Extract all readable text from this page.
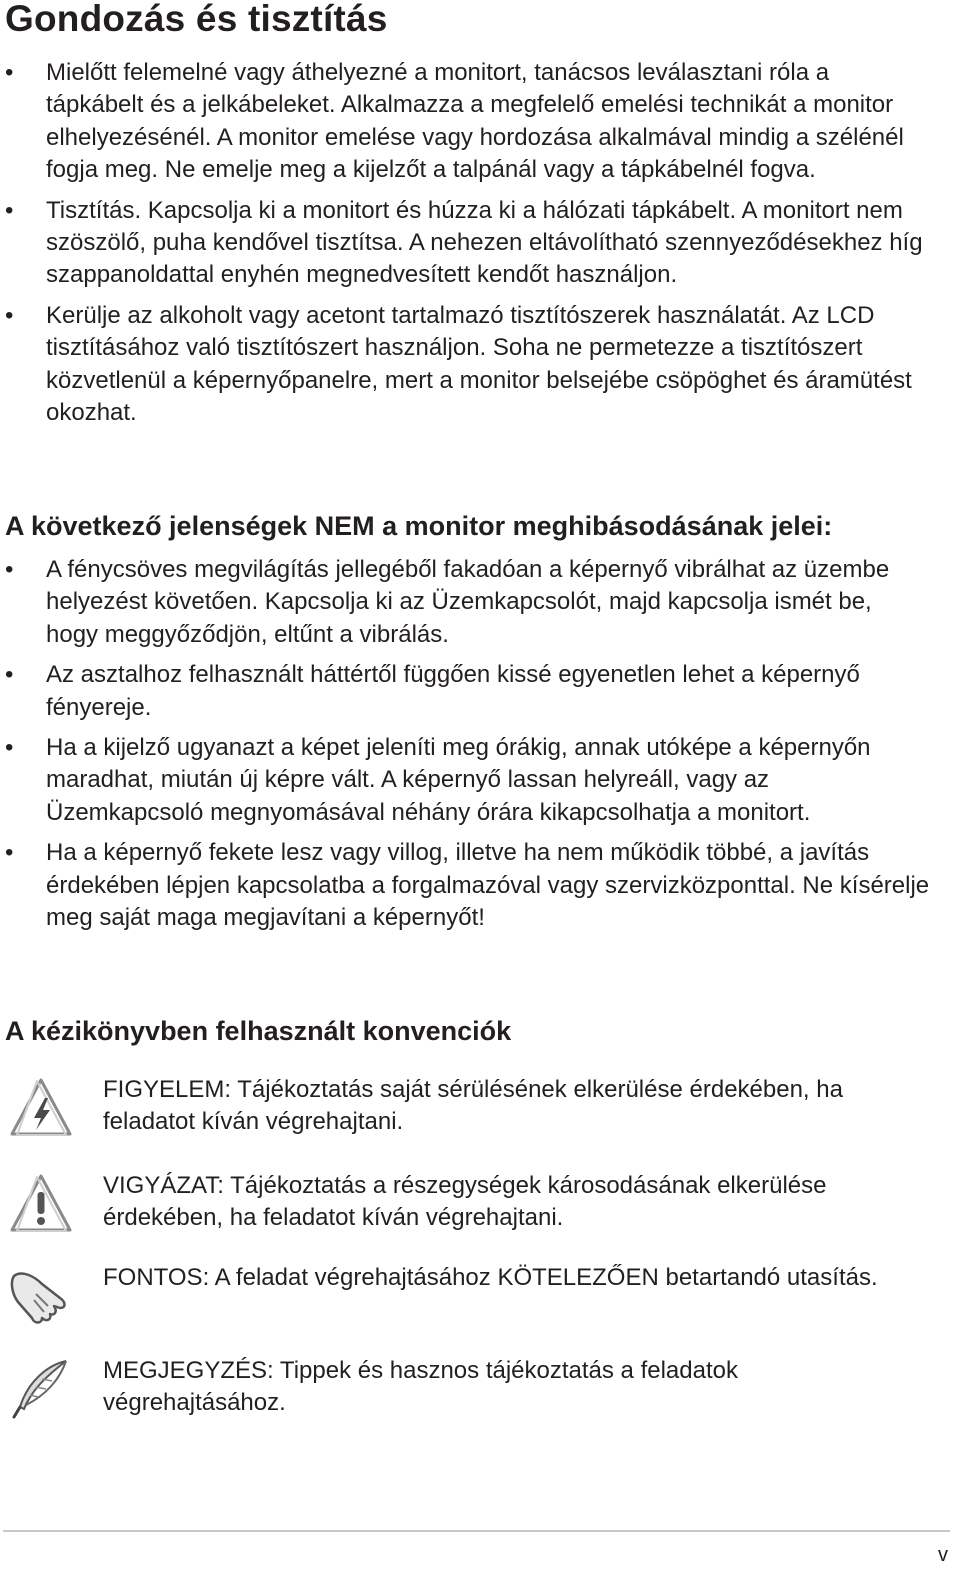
Gondozás és tisztítás
• Mielőtt felemelné vagy áthelyezné a monitort, tanácsos leválasztani róla a tápkábelt és a jelkábeleket. Alkalmazza a megfelelő emelési technikát a monitor elhelyezésénél. A monitor emelése vagy hordozása alkalmával mindig a szélénél fogja meg. Ne emelje meg a kijelzőt a talpánál vagy a tápkábelnél fogva.
• Tisztítás. Kapcsolja ki a monitort és húzza ki a hálózati tápkábelt. A monitort nem szöszölő, puha kendővel tisztítsa. A nehezen eltávolítható szennyeződésekhez híg szappanoldattal enyhén megnedvesített kendőt használjon.
• Kerülje az alkoholt vagy acetont tartalmazó tisztítószerek használatát. Az LCD tisztításához való tisztítószert használjon. Soha ne permetezze a tisztítószert közvetlenül a képernyőpanelre, mert a monitor belsejébe csöpöghet és áramütést okozhat.
A következő jelenségek NEM a monitor meghibásodásának jelei:
• A fénycsöves megvilágítás jellegéből fakadóan a képernyő vibrálhat az üzembe helyezést követően. Kapcsolja ki az Üzemkapcsolót, majd kapcsolja ismét be, hogy meggyőződjön, eltűnt a vibrálás.
• Az asztalhoz felhasznált háttértől függően kissé egyenetlen lehet a képernyő fényereje.
• Ha a kijelző ugyanazt a képet jeleníti meg órákig, annak utóképe a képernyőn maradhat, miután új képre vált. A képernyő lassan helyreáll, vagy az Üzemkapcsoló megnyomásával néhány órára kikapcsolhatja a monitort.
• Ha a képernyő fekete lesz vagy villog, illetve ha nem működik többé, a javítás érdekében lépjen kapcsolatba a forgalmazóval vagy szervizközponttal. Ne kísérelje meg saját maga megjavítani a képernyőt!
A kézikönyvben felhasznált konvenciók
FIGYELEM: Tájékoztatás saját sérülésének elkerülése érdekében, ha feladatot kíván végrehajtani.
VIGYÁZAT: Tájékoztatás a részegységek károsodásának elkerülése érdekében, ha feladatot kíván végrehajtani.
FONTOS: A feladat végrehajtásához KÖTELEZŐEN betartandó utasítás.
MEGJEGYZÉS: Tippek és hasznos tájékoztatás a feladatok végrehajtásához.
v
